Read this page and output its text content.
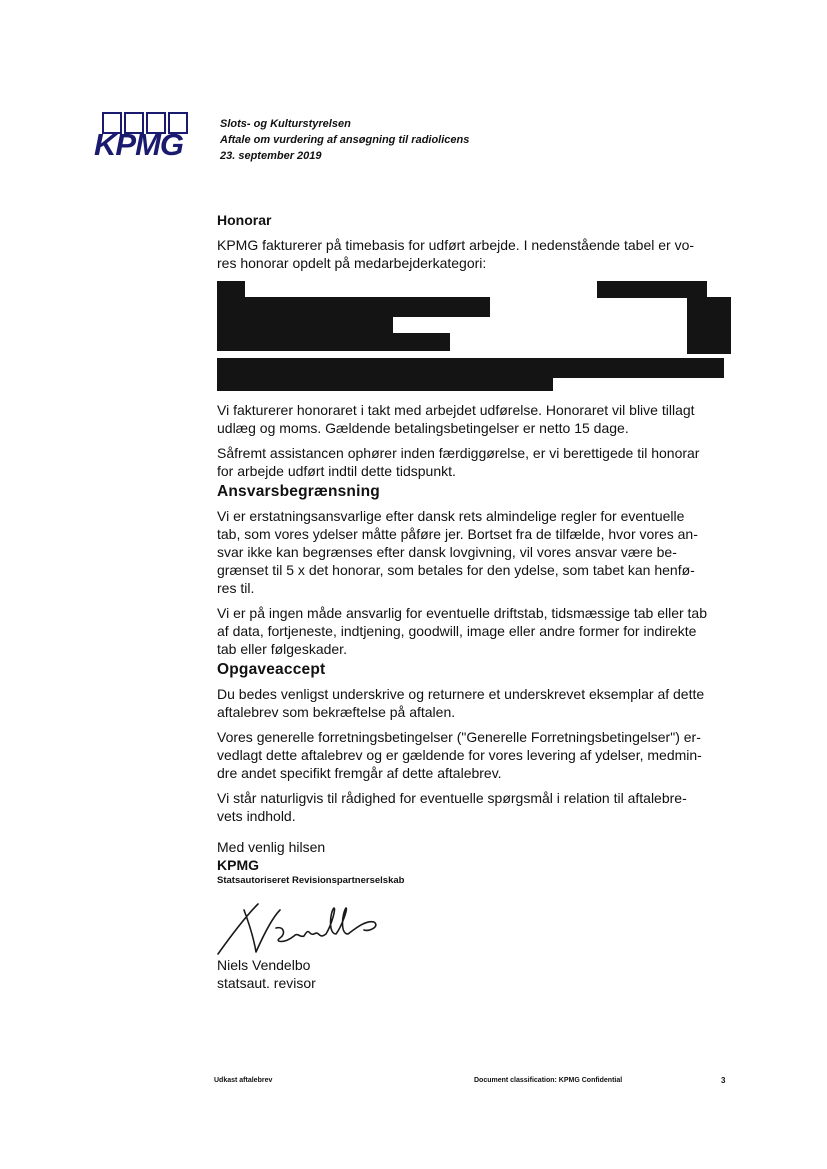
KPMG
Slots- og Kulturstyrelsen
Aftale om vurdering af ansøgning til radiolicens
23. september 2019
Honorar

KPMG fakturerer på timebasis for udført arbejde. I nedenstående tabel er vo-
res honorar opdelt på medarbejderkategori:

Vi fakturerer honoraret i takt med arbejdet udførelse. Honoraret vil blive tillagt
udlæg og moms. Gældende betalingsbetingelser er netto 15 dage.

Såfremt assistancen ophører inden færdiggørelse, er vi berettigede til honorar
for arbejde udført indtil dette tidspunkt.

Ansvarsbegrænsning

Vi er erstatningsansvarlige efter dansk rets almindelige regler for eventuelle
tab, som vores ydelser måtte påføre jer. Bortset fra de tilfælde, hvor vores an-
svar ikke kan begrænses efter dansk lovgivning, vil vores ansvar være be-
grænset til 5 x det honorar, som betales for den ydelse, som tabet kan henfø-
res til.

Vi er på ingen måde ansvarlig for eventuelle driftstab, tidsmæssige tab eller tab
af data, fortjeneste, indtjening, goodwill, image eller andre former for indirekte
tab eller følgeskader.

Opgaveaccept

Du bedes venligst underskrive og returnere et underskrevet eksemplar af dette
aftalebrev som bekræftelse på aftalen.

Vores generelle forretningsbetingelser ("Generelle Forretningsbetingelser") er-
vedlagt dette aftalebrev og er gældende for vores levering af ydelser, medmin-
dre andet specifikt fremgår af dette aftalebrev.

Vi står naturligvis til rådighed for eventuelle spørgsmål i relation til aftalebre-
vets indhold.

Med venlig hilsen

KPMG

Statsautoriseret Revisionspartnerselskab

Niels Vendelbo

statsaut. revisor

Udkast aftalebrev	Document classification: KPMG Confidential	3
